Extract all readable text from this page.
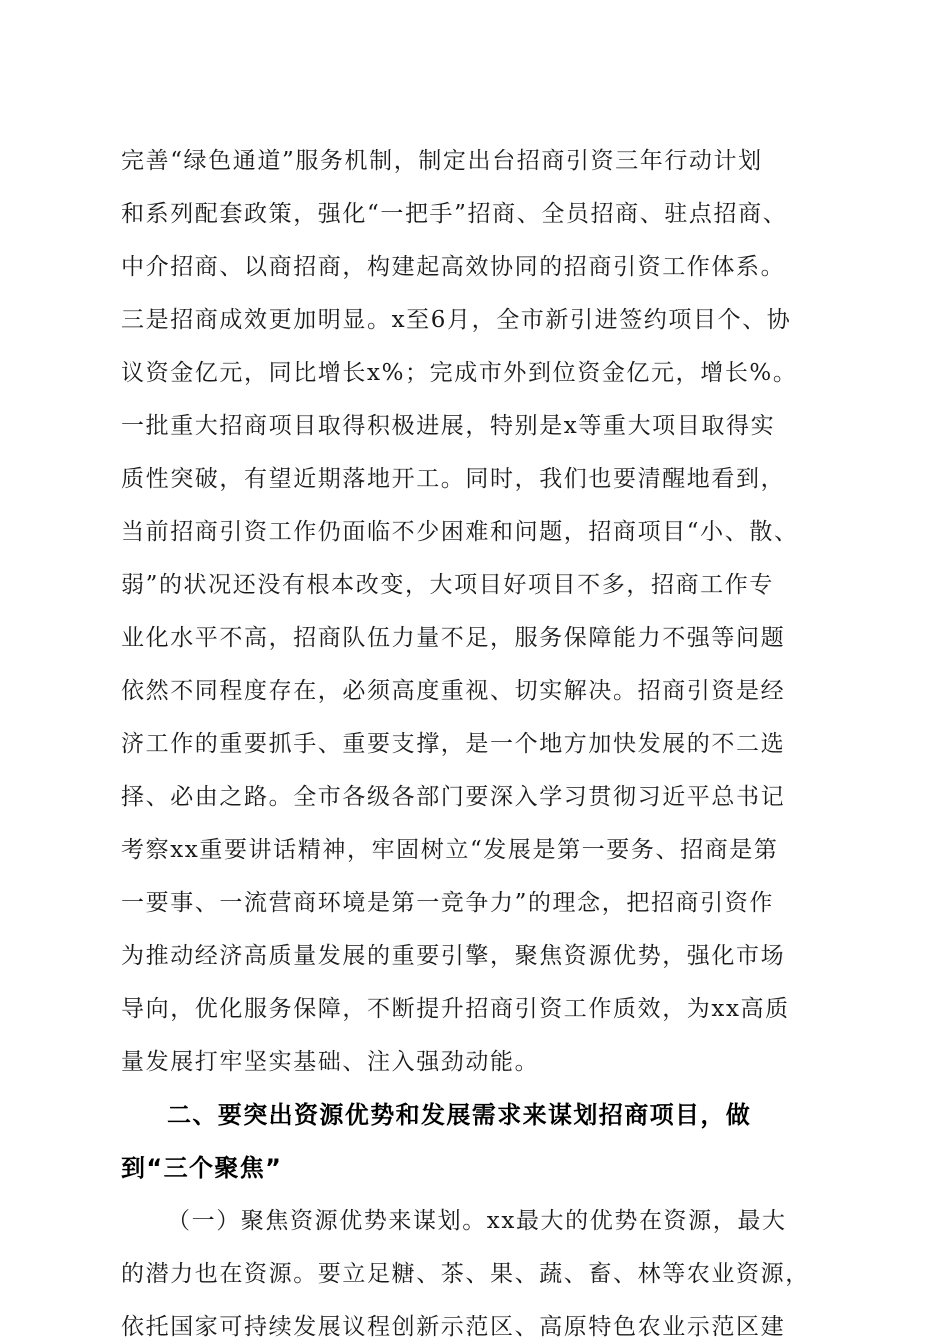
完善“绿色通道”服务机制，制定出台招商引资三年行动计划
和系列配套政策，强化“一把手”招商、全员招商、驻点招商、
中介招商、以商招商，构建起高效协同的招商引资工作体系。
三是招商成效更加明显。x至6月，全市新引进签约项目个、协
议资金亿元，同比增长x%；完成市外到位资金亿元，增长%。
一批重大招商项目取得积极进展，特别是x等重大项目取得实
质性突破，有望近期落地开工。同时，我们也要清醒地看到，
当前招商引资工作仍面临不少困难和问题，招商项目“小、散、
弱”的状况还没有根本改变，大项目好项目不多，招商工作专
业化水平不高，招商队伍力量不足，服务保障能力不强等问题
依然不同程度存在，必须高度重视、切实解决。招商引资是经
济工作的重要抓手、重要支撑，是一个地方加快发展的不二选
择、必由之路。全市各级各部门要深入学习贯彻习近平总书记
考察xx重要讲话精神，牢固树立“发展是第一要务、招商是第
一要事、一流营商环境是第一竞争力”的理念，把招商引资作
为推动经济高质量发展的重要引擎，聚焦资源优势，强化市场
导向，优化服务保障，不断提升招商引资工作质效，为xx高质
量发展打牢坚实基础、注入强劲动能。
二、要突出资源优势和发展需求来谋划招商项目，做
到“三个聚焦”
（一）聚焦资源优势来谋划。xx最大的优势在资源，最大
的潜力也在资源。要立足糖、茶、果、蔬、畜、林等农业资源，
依托国家可持续发展议程创新示范区、高原特色农业示范区建
